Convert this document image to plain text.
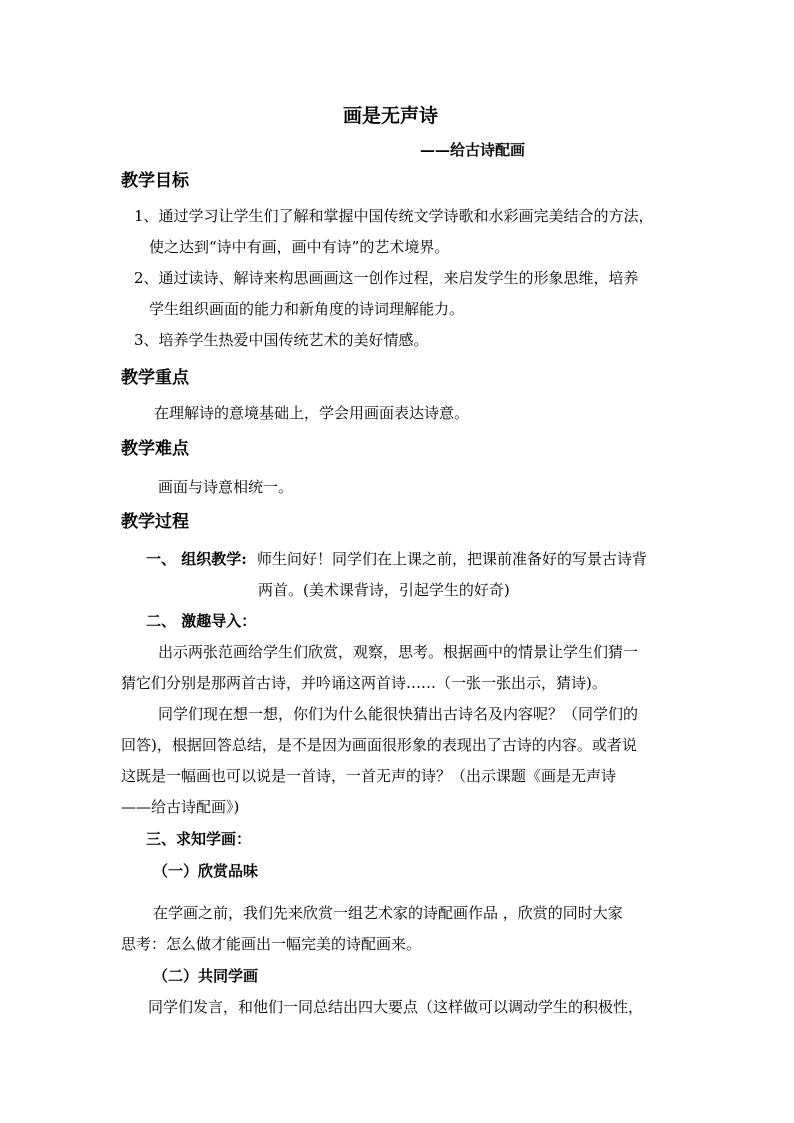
画是无声诗
——给古诗配画
教学目标
1、通过学习让学生们了解和掌握中国传统文学诗歌和水彩画完美结合的方法，
使之达到“诗中有画，画中有诗”的艺术境界。
2、通过读诗、解诗来构思画画这一创作过程，来启发学生的形象思维，培养
学生组织画面的能力和新角度的诗词理解能力。
3、培养学生热爱中国传统艺术的美好情感。
教学重点
在理解诗的意境基础上，学会用画面表达诗意。
教学难点
画面与诗意相统一。
教学过程
一、 组织教学: 师生问好！同学们在上课之前，把课前准备好的写景古诗背
两首。(美术课背诗，引起学生的好奇)
二、 激趣导入：
出示两张范画给学生们欣赏，观察，思考。根据画中的情景让学生们猜一
猜它们分别是那两首古诗，并吟诵这两首诗……（一张一张出示，猜诗)。
同学们现在想一想，你们为什么能很快猜出古诗名及内容呢？（同学们的
回答)，根据回答总结，是不是因为画面很形象的表现出了古诗的内容。或者说
这既是一幅画也可以说是一首诗，一首无声的诗？（出示课题《画是无声诗
——给古诗配画》)
三、求知学画：
（一）欣赏品味
在学画之前，我们先来欣赏一组艺术家的诗配画作品 ，欣赏的同时大家
思考：怎么做才能画出一幅完美的诗配画来。
（二）共同学画
同学们发言，和他们一同总结出四大要点（这样做可以调动学生的积极性，
